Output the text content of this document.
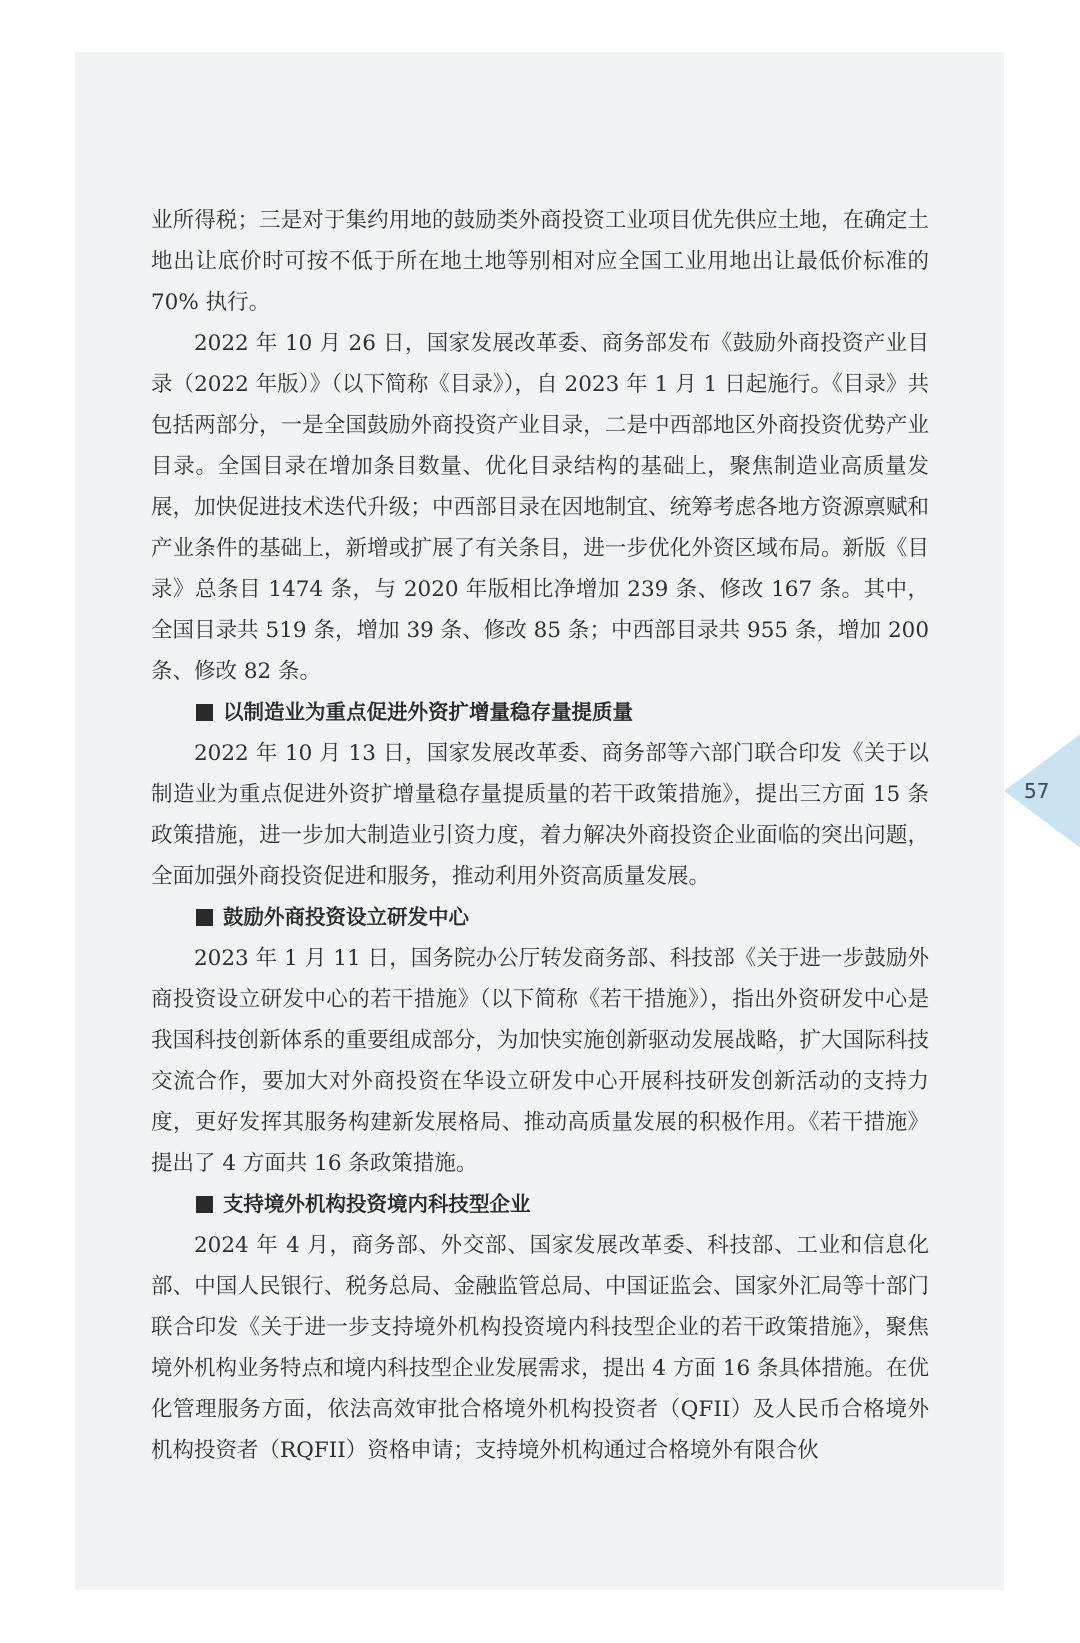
业所得税；三是对于集约用地的鼓励类外商投资工业项目优先供应土地，在确定土地出让底价时可按不低于所在地土地等别相对应全国工业用地出让最低价标准的 70% 执行。

2022 年 10 月 26 日，国家发展改革委、商务部发布《鼓励外商投资产业目录（2022 年版）》（以下简称《目录》），自 2023 年 1 月 1 日起施行。《目录》共包括两部分，一是全国鼓励外商投资产业目录，二是中西部地区外商投资优势产业目录。全国目录在增加条目数量、优化目录结构的基础上，聚焦制造业高质量发展，加快促进技术迭代升级；中西部目录在因地制宜、统筹考虑各地方资源禀赋和产业条件的基础上，新增或扩展了有关条目，进一步优化外资区域布局。新版《目录》总条目 1474 条，与 2020 年版相比净增加 239 条、修改 167 条。其中，全国目录共 519 条，增加 39 条、修改 85 条；中西部目录共 955 条，增加 200 条、修改 82 条。

以制造业为重点促进外资扩增量稳存量提质量

2022 年 10 月 13 日，国家发展改革委、商务部等六部门联合印发《关于以制造业为重点促进外资扩增量稳存量提质量的若干政策措施》，提出三方面 15 条政策措施，进一步加大制造业引资力度，着力解决外商投资企业面临的突出问题，全面加强外商投资促进和服务，推动利用外资高质量发展。

鼓励外商投资设立研发中心

2023 年 1 月 11 日，国务院办公厅转发商务部、科技部《关于进一步鼓励外商投资设立研发中心的若干措施》（以下简称《若干措施》），指出外资研发中心是我国科技创新体系的重要组成部分，为加快实施创新驱动发展战略，扩大国际科技交流合作，要加大对外商投资在华设立研发中心开展科技研发创新活动的支持力度，更好发挥其服务构建新发展格局、推动高质量发展的积极作用。《若干措施》提出了 4 方面共 16 条政策措施。

支持境外机构投资境内科技型企业

2024 年 4 月，商务部、外交部、国家发展改革委、科技部、工业和信息化部、中国人民银行、税务总局、金融监管总局、中国证监会、国家外汇局等十部门联合印发《关于进一步支持境外机构投资境内科技型企业的若干政策措施》，聚焦境外机构业务特点和境内科技型企业发展需求，提出 4 方面 16 条具体措施。在优化管理服务方面，依法高效审批合格境外机构投资者（QFII）及人民币合格境外机构投资者（RQFII）资格申请；支持境外机构通过合格境外有限合伙

57
